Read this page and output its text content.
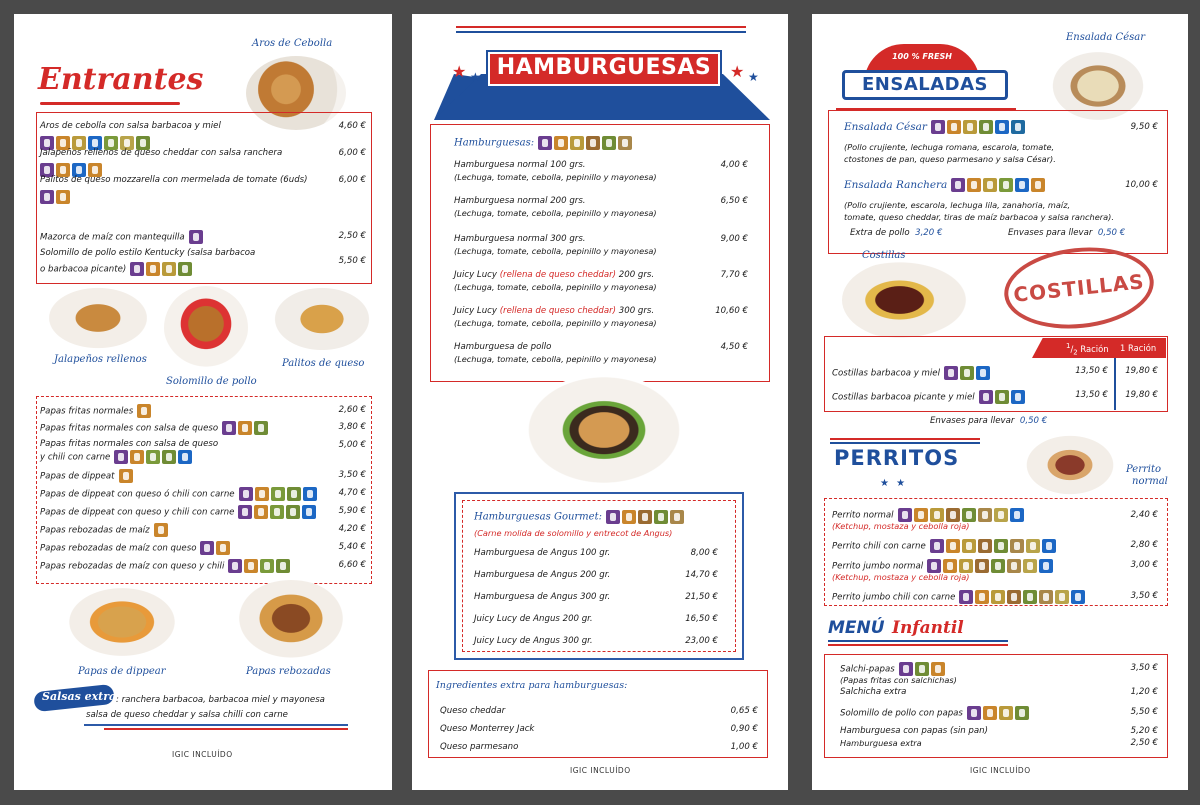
Entrantes
Aros de Cebolla
Aros de cebolla con salsa barbacoa y miel	4,60 €
Jalapeños rellenos de queso cheddar con salsa ranchera	6,00 €
Palitos de queso mozzarella con mermelada de tomate (6uds)	6,00 €
Mazorca de maíz con mantequilla	2,50 €
Solomillo de pollo estilo Kentucky (salsa barbacoa
o barbacoa picante)
5,50 €
Jalapeños rellenos	Palitos de queso
Solomillo de pollo
Papas fritas normales	2,60 €
Papas fritas normales con salsa de queso	3,80 €
Papas fritas normales con salsa de queso
y chili con carne
5,00 €
Papas de dippeat	3,50 €
Papas de dippeat con queso ó chili con carne	4,70 €
Papas de dippeat con queso y chili con carne	5,90 €
Papas rebozadas de maíz	4,20 €
Papas rebozadas de maíz con queso	5,40 €
Papas rebozadas de maíz con queso y chili	6,60 €
Papas de dippear	Papas rebozadas
Salsas extra : ranchera barbacoa, barbacoa miel y mayonesa
salsa de queso cheddar y salsa chilli con carne
IGIC INCLUÍDO
HAMBURGUESAS
★ ★	★ ★
Hamburguesas:
Hamburguesa normal 100 grs.
(Lechuga, tomate, cebolla, pepinillo y mayonesa)
4,00 €
Hamburguesa normal 200 grs.
(Lechuga, tomate, cebolla, pepinillo y mayonesa)
6,50 €
Hamburguesa normal 300 grs.
(Lechuga, tomate, cebolla, pepinillo y mayonesa)
9,00 €
Juicy Lucy (rellena de queso cheddar) 200 grs.
(Lechuga, tomate, cebolla, pepinillo y mayonesa)
7,70 €
Juicy Lucy (rellena de queso cheddar) 300 grs.
(Lechuga, tomate, cebolla, pepinillo y mayonesa)
10,60 €
Hamburguesa de pollo
(Lechuga, tomate, cebolla, pepinillo y mayonesa)
4,50 €
Hamburguesas Gourmet:
(Carne molida de solomillo y entrecot de Angus)
Hamburguesa de Angus 100 gr.	8,00 €
Hamburguesa de Angus 200 gr.	14,70 €
Hamburguesa de Angus 300 gr.	21,50 €
Juicy Lucy de Angus 200 gr.	16,50 €
Juicy Lucy de Angus 300 gr.	23,00 €
Ingredientes extra para hamburguesas:
Queso cheddar	0,65 €
Queso Monterrey Jack	0,90 €
Queso parmesano	1,00 €
IGIC INCLUÍDO
100 % FRESH
ENSALADAS
Ensalada César
Ensalada César	9,50 €
(Pollo crujiente, lechuga romana, escarola, tomate,
ctostones de pan, queso parmesano y salsa César).
Ensalada Ranchera	10,00 €
(Pollo crujiente, escarola, lechuga lila, zanahoria, maíz,
tomate, queso cheddar, tiras de maíz barbacoa y salsa ranchera).
Extra de pollo 3,20 €	Envases para llevar 0,50 €
Costillas
COSTILLAS
$^1/_2$ Ración 1 Ración
Costillas barbacoa y miel	13,50 € 19,80 €
Costillas barbacoa picante y miel	13,50 € 19,80 €
Envases para llevar 0,50 €
PERRITOS
★ ★
Perrito
normal
Perrito normal
(Ketchup, mostaza y cebolla roja)
2,40 €
Perrito chili con carne	2,80 €
Perrito jumbo normal
(Ketchup, mostaza y cebolla roja)
3,00 €
Perrito jumbo chili con carne	3,50 €
MENÚ Infantil
Salchi-papas
(Papas fritas con salchichas)
3,50 €
Salchicha extra	1,20 €
Solomillo de pollo con papas	5,50 €
Hamburguesa con papas (sin pan)	5,20 €
Hamburguesa extra	2,50 €
IGIC INCLUÍDO
